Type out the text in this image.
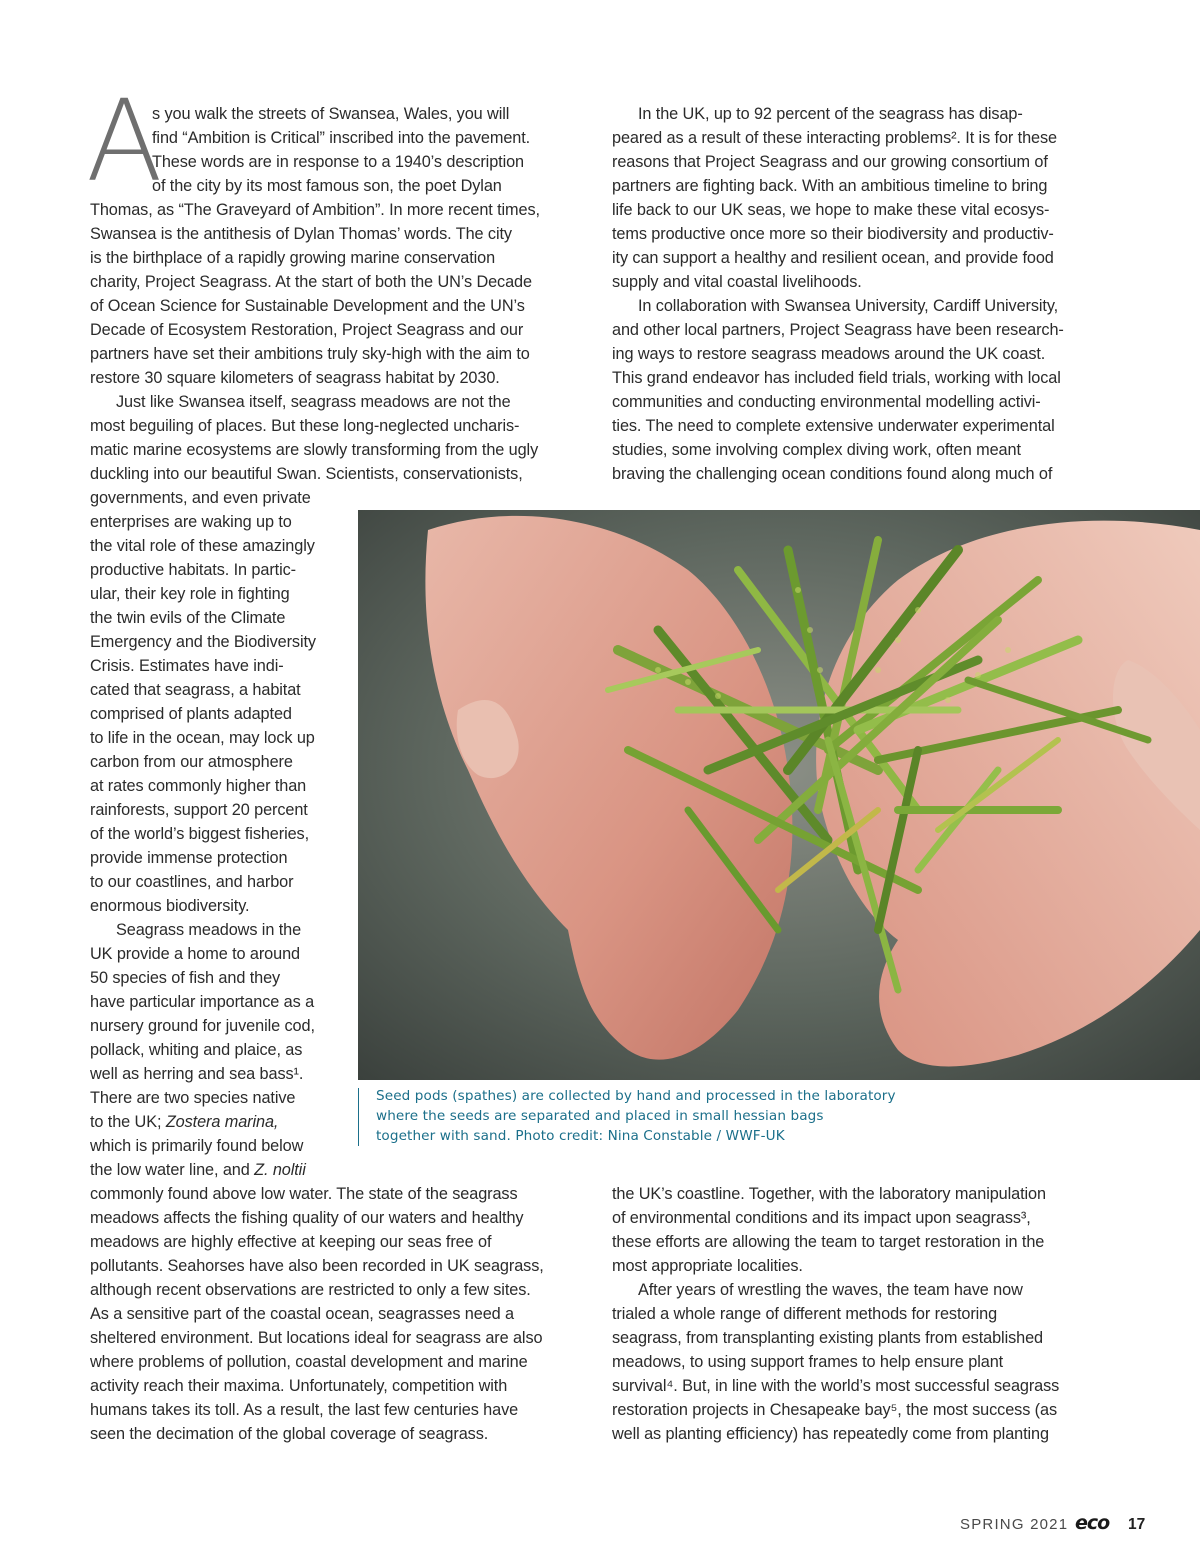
A

s you walk the streets of Swansea, Wales, you will

find “Ambition is Critical” inscribed into the pavement.

These words are in response to a 1940’s description

of the city by its most famous son, the poet Dylan

Thomas, as “The Graveyard of Ambition”. In more recent times,

Swansea is the antithesis of Dylan Thomas’ words. The city

is the birthplace of a rapidly growing marine conservation

charity, Project Seagrass. At the start of both the UN’s Decade

of Ocean Science for Sustainable Development and the UN’s

Decade of Ecosystem Restoration, Project Seagrass and our

partners have set their ambitions truly sky-high with the aim to

restore 30 square kilometers of seagrass habitat by 2030.

Just like Swansea itself, seagrass meadows are not the

most beguiling of places. But these long-neglected uncharis-

matic marine ecosystems are slowly transforming from the ugly

duckling into our beautiful Swan. Scientists, conservationists,

governments, and even private

enterprises are waking up to

the vital role of these amazingly

productive habitats. In partic-

ular, their key role in fighting

the twin evils of the Climate

Emergency and the Biodiversity

Crisis. Estimates have indi-

cated that seagrass, a habitat

comprised of plants adapted

to life in the ocean, may lock up

carbon from our atmosphere

at rates commonly higher than

rainforests, support 20 percent

of the world’s biggest fisheries,

provide immense protection

to our coastlines, and harbor

enormous biodiversity.

Seagrass meadows in the

UK provide a home to around

50 species of fish and they

have particular importance as a

nursery ground for juvenile cod,

pollack, whiting and plaice, as

well as herring and sea bass¹.

There are two species native

to the UK; Zostera marina,

which is primarily found below

the low water line, and Z. noltii

commonly found above low water. The state of the seagrass

meadows affects the fishing quality of our waters and healthy

meadows are highly effective at keeping our seas free of

pollutants. Seahorses have also been recorded in UK seagrass,

although recent observations are restricted to only a few sites.

As a sensitive part of the coastal ocean, seagrasses need a

sheltered environment. But locations ideal for seagrass are also

where problems of pollution, coastal development and marine

activity reach their maxima. Unfortunately, competition with

humans takes its toll. As a result, the last few centuries have

seen the decimation of the global coverage of seagrass.

In the UK, up to 92 percent of the seagrass has disap-

peared as a result of these interacting problems². It is for these

reasons that Project Seagrass and our growing consortium of

partners are fighting back. With an ambitious timeline to bring

life back to our UK seas, we hope to make these vital ecosys-

tems productive once more so their biodiversity and productiv-

ity can support a healthy and resilient ocean, and provide food

supply and vital coastal livelihoods.

In collaboration with Swansea University, Cardiff University,

and other local partners, Project Seagrass have been research-

ing ways to restore seagrass meadows around the UK coast.

This grand endeavor has included field trials, working with local

communities and conducting environmental modelling activi-

ties. The need to complete extensive underwater experimental

studies, some involving complex diving work, often meant

braving the challenging ocean conditions found along much of

Seed pods (spathes) are collected by hand and processed in the laboratory

where the seeds are separated and placed in small hessian bags

together with sand. Photo credit: Nina Constable / WWF-UK

the UK’s coastline. Together, with the laboratory manipulation

of environmental conditions and its impact upon seagrass³,

these efforts are allowing the team to target restoration in the

most appropriate localities.

After years of wrestling the waves, the team have now

trialed a whole range of different methods for restoring

seagrass, from transplanting existing plants from established

meadows, to using support frames to help ensure plant

survival⁴. But, in line with the world’s most successful seagrass

restoration projects in Chesapeake bay⁵, the most success (as

well as planting efficiency) has repeatedly come from planting

SPRING 2021 eco 17
